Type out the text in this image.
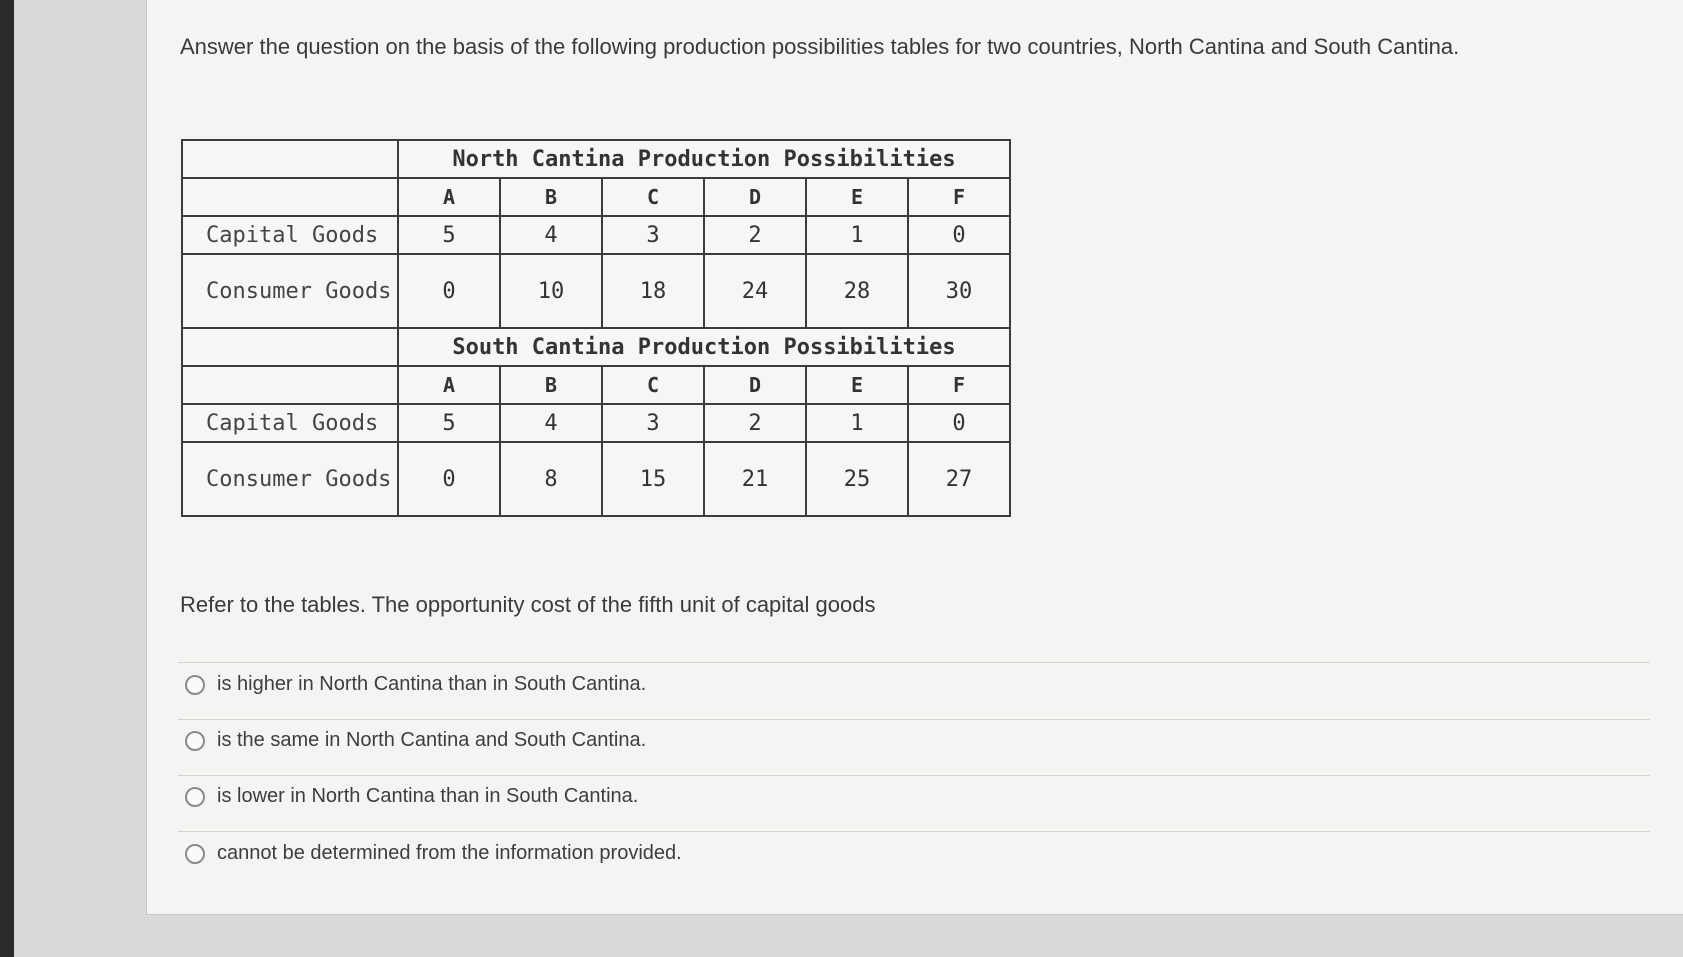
Answer the question on the basis of the following production possibilities tables for two countries, North Cantina and South Cantina.
	North Cantina Production Possibilities					
	A	B	C	D	E	F
Capital Goods	5	4	3	2	1	0
Consumer Goods	0	10	18	24	28	30
	South Cantina Production Possibilities					
	A	B	C	D	E	F
Capital Goods	5	4	3	2	1	0
Consumer Goods	0	8	15	21	25	27
Refer to the tables. The opportunity cost of the fifth unit of capital goods
is higher in North Cantina than in South Cantina.
is the same in North Cantina and South Cantina.
is lower in North Cantina than in South Cantina.
cannot be determined from the information provided.
